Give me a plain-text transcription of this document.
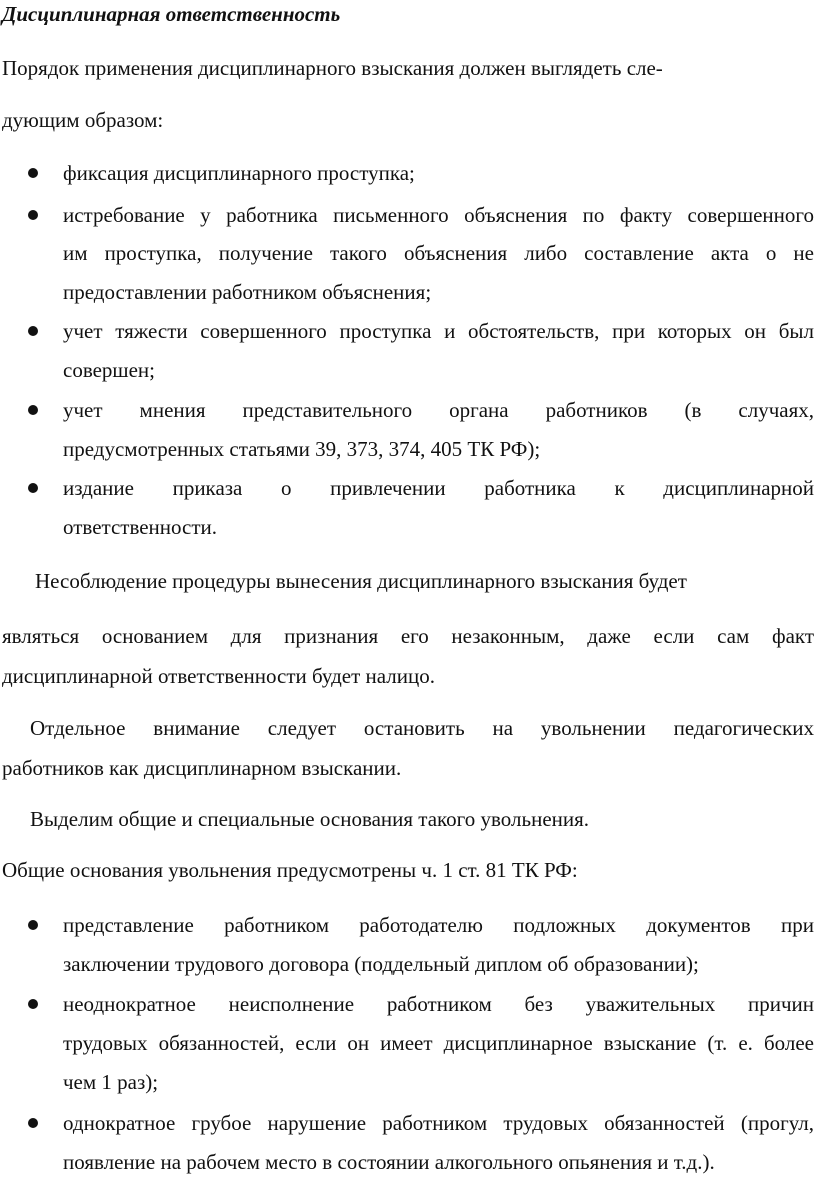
Дисциплинарная ответственность
Порядок применения дисциплинарного взыскания должен выглядеть сле-
дующим образом:
фиксация дисциплинарного проступка;
истребование у работника письменного объяснения по факту совершенного
им проступка, получение такого объяснения либо составление акта о не
предоставлении работником объяснения;
учет тяжести совершенного проступка и обстоятельств, при которых он был
совершен;
учет мнения представительного органа работников (в случаях,
предусмотренных статьями 39, 373, 374, 405 ТК РФ);
издание приказа о привлечении работника к дисциплинарной
ответственности.
Несоблюдение процедуры вынесения дисциплинарного взыскания будет
являться основанием для признания его незаконным, даже если сам факт
дисциплинарной ответственности будет налицо.
Отдельное внимание следует остановить на увольнении педагогических
работников как дисциплинарном взыскании.
Выделим общие и специальные основания такого увольнения.
Общие основания увольнения предусмотрены ч. 1 ст. 81 ТК РФ:
представление работником работодателю подложных документов при
заключении трудового договора (поддельный диплом об образовании);
неоднократное неисполнение работником без уважительных причин
трудовых обязанностей, если он имеет дисциплинарное взыскание (т. е. более
чем 1 раз);
однократное грубое нарушение работником трудовых обязанностей (прогул,
появление на рабочем место в состоянии алкогольного опьянения и т.д.).
